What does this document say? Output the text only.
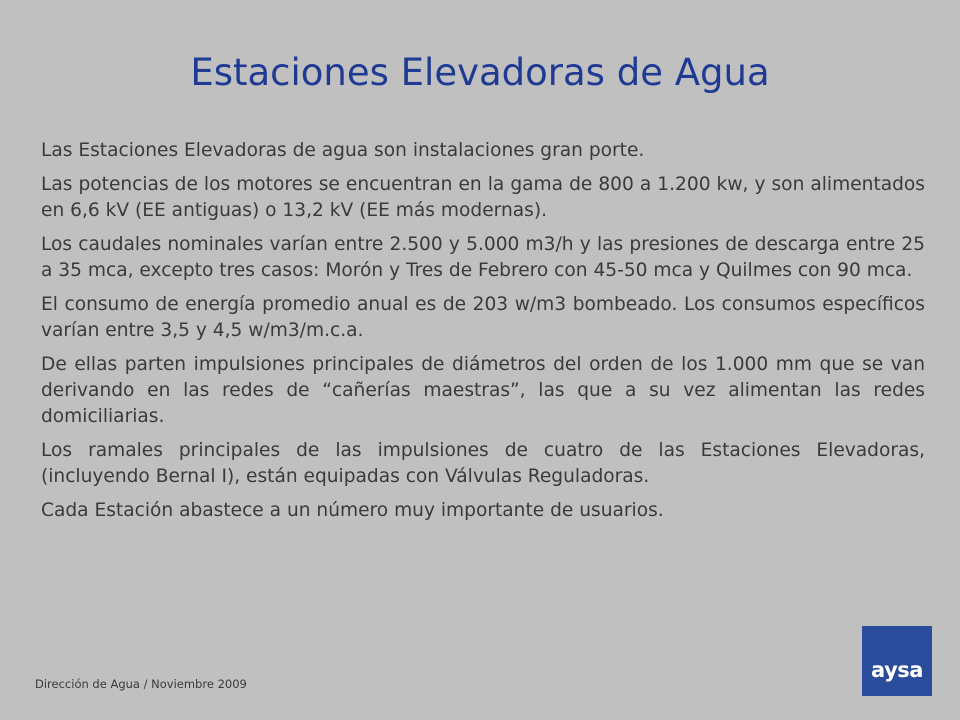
Estaciones Elevadoras de Agua

Las Estaciones Elevadoras de agua son instalaciones gran porte.

Las potencias de los motores se encuentran en la gama de 800 a 1.200 kw, y son alimentados en 6,6 kV (EE antiguas) o 13,2 kV (EE más modernas).

Los caudales nominales varían entre 2.500 y 5.000 m3/h y las presiones de descarga entre 25 a 35 mca, excepto tres casos: Morón y Tres de Febrero con 45-50 mca y Quilmes con 90 mca.

El consumo de energía promedio anual es de 203 w/m3 bombeado. Los consumos específicos varían entre 3,5 y 4,5 w/m3/m.c.a.

De ellas parten impulsiones principales de diámetros del orden de los 1.000 mm que se van derivando en las redes de “cañerías maestras”, las que a su vez alimentan las redes domiciliarias.

Los ramales principales de las impulsiones de cuatro de las Estaciones Elevadoras, (incluyendo Bernal I), están equipadas con Válvulas Reguladoras.

Cada Estación abastece a un número muy importante de usuarios.

Dirección de Agua / Noviembre 2009
aysa
